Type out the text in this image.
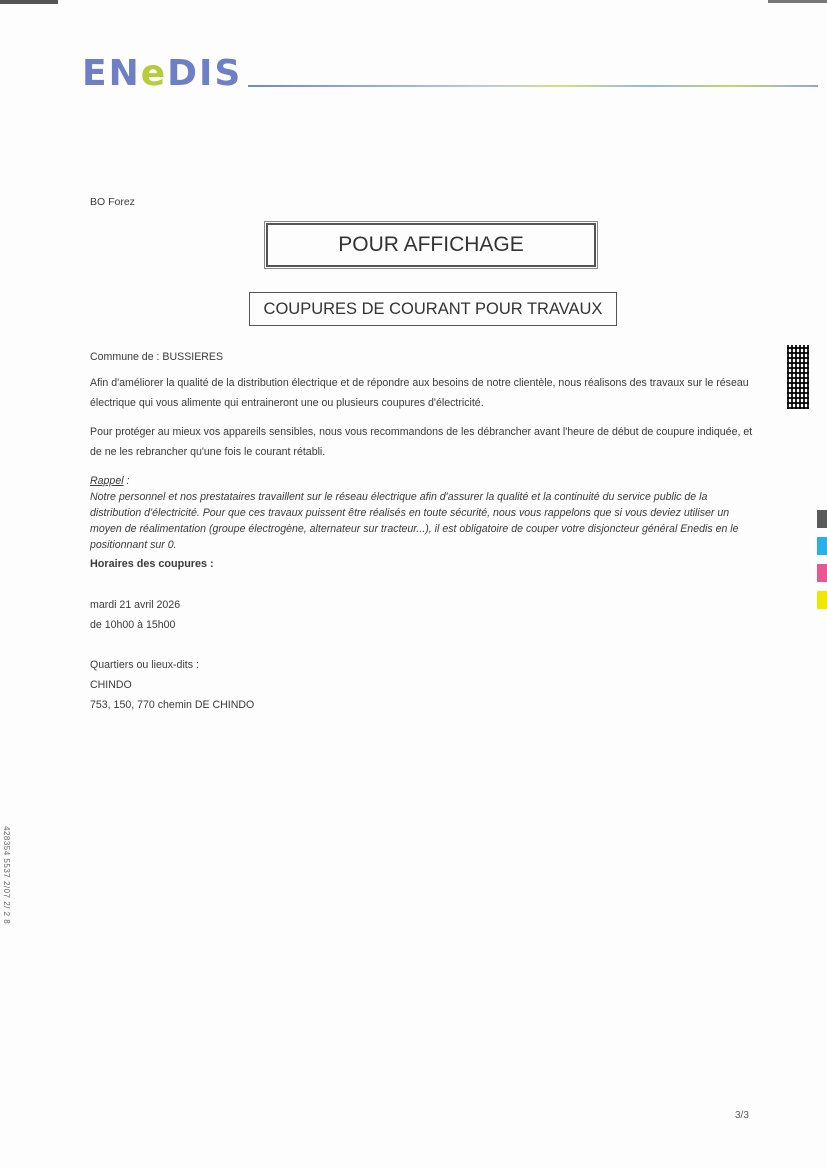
ENeDIS
BO Forez
POUR AFFICHAGE
COUPURES DE COURANT POUR TRAVAUX
Commune de : BUSSIERES
Afin d'améliorer la qualité de la distribution électrique et de répondre aux besoins de notre clientèle, nous réalisons des travaux sur le réseau électrique qui vous alimente qui entraineront une ou plusieurs coupures d'électricité.
Pour protéger au mieux vos appareils sensibles, nous vous recommandons de les débrancher avant l'heure de début de coupure indiquée, et de ne les rebrancher qu'une fois le courant rétabli.
Rappel :
Notre personnel et nos prestataires travaillent sur le réseau électrique afin d'assurer la qualité et la continuité du service public de la distribution d'électricité. Pour que ces travaux puissent être réalisés en toute sécurité, nous vous rappelons que si vous deviez utiliser un moyen de réalimentation (groupe électrogène, alternateur sur tracteur...), il est obligatoire de couper votre disjoncteur général Enedis en le positionnant sur 0.
Horaires des coupures :
mardi 21 avril 2026
de 10h00 à 15h00
Quartiers ou lieux-dits :
CHINDO
753, 150, 770 chemin DE CHINDO
428354 5537 2/07 2/ 2 8
3/3
